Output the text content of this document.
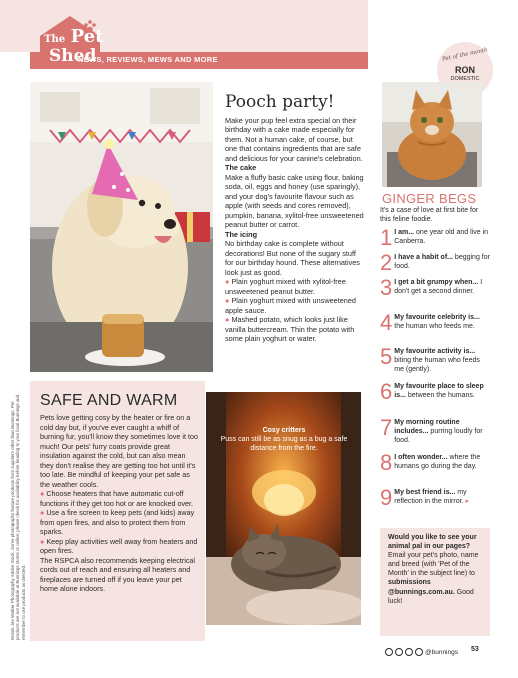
The Pet
Shed
NEWS, REVIEWS, MEWS AND MORE	Pet of the month
RON
DOMESTIC

Pooch party!

Make your pup feel extra special on their birthday with a cake made especially for them. Not a human cake, of course, but one that contains ingredients that are safe and delicious for your canine's celebration.

The cake

Make a fluffy basic cake using flour, baking soda, oil, eggs and honey (use sparingly), and your dog's favourite flavour such as apple (with seeds and cores removed), pumpkin, banana, xylitol-free unsweetened peanut butter or carrot.

The icing

No birthday cake is complete without decorations! But none of the sugary stuff for our birthday hound. These alternatives look just as good.

● Plain yoghurt mixed with xylitol-free unsweetened peanut butter.

● Plain yoghurt mixed with unsweetened apple sauce.

● Mashed potato, which looks just like vanilla buttercream. Thin the potato with some plain yoghurt or water.

GINGER BEGS
It's a case of love at first bite for this feline foodie.
1 I am... one year old and live in Canberra.
2 I have a habit of... begging for food.
3 I get a bit grumpy when... I don't get a second dinner.
4 My favourite celebrity is... the human who feeds me.
5 My favourite activity is... biting the human who feeds me (gently).
6 My favourite place to sleep is... between the humans.
7 My morning routine includes... purring loudly for food.
8 I often wonder... where the humans go during the day.
9 My best friend is... my reflection in the mirror. ▸
Would you like to see your animal pal in our pages? Email your pet's photo, name and breed (with 'Pet of the Month' in the subject line) to submissions @bunnings.com.au. Good luck!
SAFE AND WARM

Pets love getting cosy by the heater or fire on a cold day but, if you've ever caught a whiff of burning fur, you'll know they sometimes love it too much! Our pets' furry coats provide great insulation against the cold, but can also mean they don't realise they are getting too hot until it's too late. Be mindful of keeping your pet safe as the weather cools.

● Choose heaters that have automatic cut-off functions if they get too hot or are knocked over.

● Use a fire screen to keep pets (and kids) away from open fires, and also to protect them from sparks.

● Keep play activities well away from heaters and open fires.

The RSPCA also recommends keeping electrical cords out of reach and ensuring all heaters and fireplaces are turned off if you leave your pet home alone indoors.

Words Jen Walker Photography Adobe Stock. Some photographs feature products from suppliers other than Bunnings. Pet products are not available at Bunnings stores or online; please check for availability before heading to your local Bunnings and remember to use products as directed.
Cosy critters
Puss can still be as snug as a bug a safe distance from the fire.
@bunnings 53
